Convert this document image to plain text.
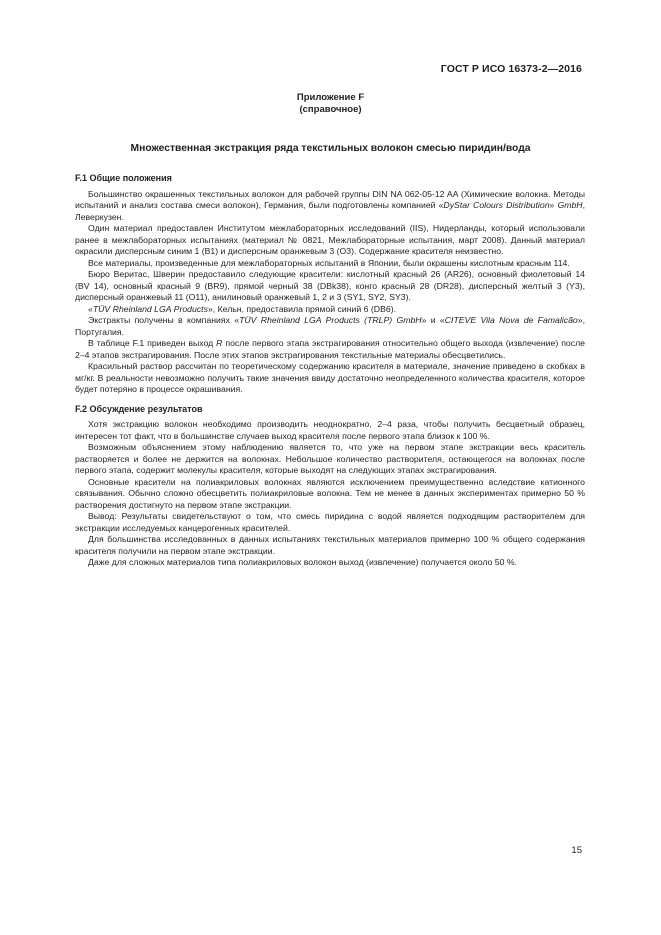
ГОСТ Р ИСО 16373-2—2016
Приложение F
(справочное)
Множественная экстракция ряда текстильных волокон смесью пиридин/вода
F.1 Общие положения

Большинство окрашенных текстильных волокон для рабочей группы DIN NA 062-05-12 AA (Химические волокна. Методы испытаний и анализ состава смеси волокон), Германия, были подготовлены компанией «DyStar Colours Distribution» GmbH, Леверкузен.

Один материал предоставлен Институтом межлабораторных исследований (IIS), Нидерланды, который использовали ранее в межлабораторных испытаниях (материал № 0821, Межлабораторные испытания, март 2008). Данный материал окрасили дисперсным синим 1 (B1) и дисперсным оранжевым 3 (O3). Содержание красителя неизвестно.

Все материалы, произведенные для межлабораторных испытаний в Японии, были окрашены кислотным красным 114.

Бюро Веритас, Шверин предоставило следующие красители: кислотный красный 26 (AR26), основный фиолетовый 14 (BV 14), основный красный 9 (BR9), прямой черный 38 (DBk38), конго красный 28 (DR28), дисперсный желтый 3 (Y3), дисперсный оранжевый 11 (O11), анилиновый оранжевый 1, 2 и 3 (SY1, SY2, SY3).

«TÜV Rheinland LGA Products», Кельн, предоставила прямой синий 6 (DB6).

Экстракты получены в компаниях «TÜV Rheinland LGA Products (TRLP) GmbH» и «CITEVE Vila Nova de Famalicão», Португалия.

В таблице F.1 приведен выход R после первого этапа экстрагирования относительно общего выхода (извлечение) после 2–4 этапов экстрагирования. После этих этапов экстрагирования текстильные материалы обесцветились.

Красильный раствор рассчитан по теоретическому содержанию красителя в материале, значение приведено в скобках в мг/кг. В реальности невозможно получить такие значения ввиду достаточно неопределенного количества красителя, которое будет потеряно в процессе окрашивания.

F.2 Обсуждение результатов

Хотя экстракцию волокон необходимо производить неоднократно, 2–4 раза, чтобы получить бесцветный образец, интересен тот факт, что в большинстве случаев выход красителя после первого этапа близок к 100 %.

Возможным объяснением этому наблюдению является то, что уже на первом этапе экстракции весь краситель растворяется и более не держится на волокнах. Небольшое количество растворителя, остающегося на волокнах после первого этапа, содержит молекулы красителя, которые выходят на следующих этапах экстрагирования.

Основные красители на полиакриловых волокнах являются исключением преимущественно вследствие катионного связывания. Обычно сложно обесцветить полиакриловые волокна. Тем не менее в данных экспериментах примерно 50 % растворения достигнуто на первом этапе экстракции.

Вывод: Результаты свидетельствуют о том, что смесь пиридина с водой является подходящим растворителем для экстракции исследуемых канцерогенных красителей.

Для большинства исследованных в данных испытаниях текстильных материалов примерно 100 % общего содержания красителя получили на первом этапе экстракции.

Даже для сложных материалов типа полиакриловых волокон выход (извлечение) получается около 50 %.

15
